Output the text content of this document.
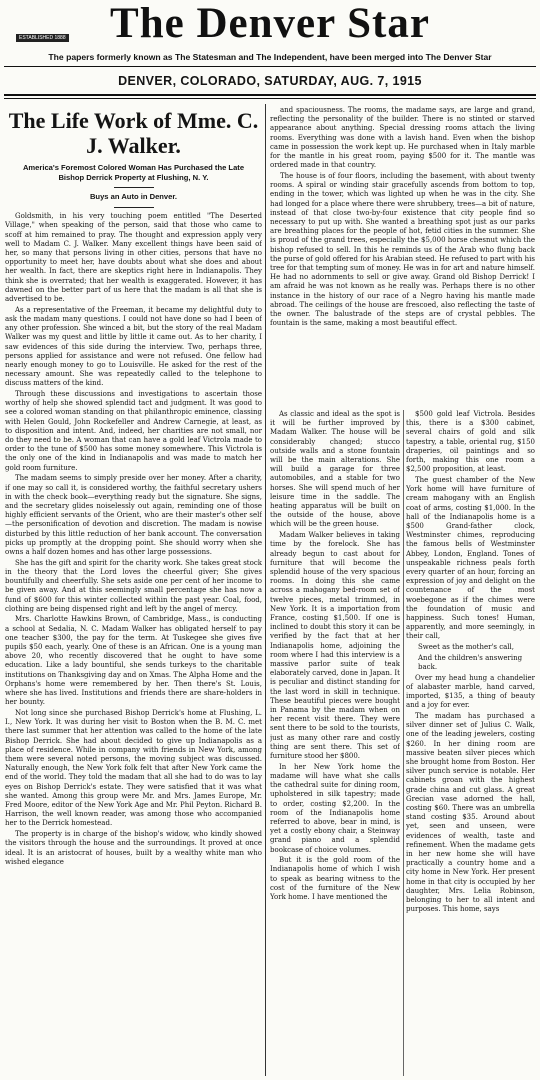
The Denver Star
ESTABLISHED 1888
The papers formerly known as The Statesman and The Independent, have been merged into The Denver Star
DENVER, COLORADO, SATURDAY, AUG. 7, 1915
The Life Work of Mme. C. J. Walker.
America's Foremost Colored Woman Has Purchased the Late Bishop Derrick Property at Flushing, N. Y.
Buys an Auto in Denver.

Goldsmith, in his very touching poem entitled "The Deserted Village," when speaking of the person, said that those who came to scoff at him remained to pray. The thought and expression apply very well to Madam C. J. Walker. Many excellent things have been said of her, so many that persons living in other cities, persons that have no opportunity to meet her, have doubts about what she does and about her wealth. In fact, there are skeptics right here in Indianapolis. They think she is overrated; that her wealth is exaggerated. However, it has dawned on the better part of us here that the madam is all that she is advertised to be.

As a representative of the Freeman, it became my delightful duty to ask the madam many questions. I could not have done so had I been of any other profession. She winced a bit, but the story of the real Madam Walker was my quest and little by little it came out. As to her charity, I saw evidences of this side during the interview. Two, perhaps three, persons applied for assistance and were not refused. One fellow had nearly enough money to go to Louisville. He asked for the rest of the necessary amount. She was repeatedly called to the telephone to discuss matters of the kind.

Through these discussions and investigations to ascertain those worthy of help she showed splendid tact and judgment. It was good to see a colored woman standing on that philanthropic eminence, classing with Helen Gould, John Rockefeller and Andrew Carnegie, at least, as to disposition and intent. And, indeed, her charities are not small, nor do they need to be. A woman that can have a gold leaf Victrola made to order to the tune of $500 has some money somewhere. This Victrola is the only one of the kind in Indianapolis and was made to match her gold room furniture.

The madam seems to simply preside over her money. After a charity, if one may so call it, is considered worthy, the faithful secretary ushers in with the check book—everything ready but the signature. She signs, and the secretary glides noiselessly out again, reminding one of those highly efficient servants of the Orient, who are their master's other self—the personification of devotion and discretion. The madam is nowise disturbed by this little reduction of her bank account. The conversation picks up promptly at the dropping point. She should worry when she owns a half dozen homes and has other large possessions.

She has the gift and spirit for the charity work. She takes great stock in the theory that the Lord loves the cheerful giver; She gives bountifully and cheerfully. She sets aside one per cent of her income to be given away. And at this seemingly small percentage she has now a fund of $600 for this winter collected within the past year. Coal, food, clothing are being dispensed right and left by the angel of mercy.

Mrs. Charlotte Hawkins Brown, of Cambridge, Mass., is conducting a school at Sedalia, N. C. Madam Walker has obligated herself to pay one teacher $300, the pay for the term. At Tuskegee she gives five pupils $50 each, yearly. One of these is an African. One is a young man above 20, who recently discovered that he ought to have some education. Like a lady bountiful, she sends turkeys to the charitable institutions on Thanksgiving day and on Xmas. The Alpha Home and the Orphans's home were remembered by her. Then there's St. Louis, where she has lived. Institutions and friends there are share-holders in her bounty.

Not long since she purchased Bishop Derrick's home at Flushing, L. I., New York. It was during her visit to Boston when the B. M. C. met there last summer that her attention was called to the home of the late Bishop Derrick. She had about decided to give up Indianapolis as a place of residence. While in company with friends in New York, among them were several noted persons, the moving subject was discussed. Naturally enough, the New York folk felt that after New York came the end of the world. They told the madam that all she had to do was to lay eyes on Bishop Derrick's estate. They were satisfied that it was what she wanted. Among this group were Mr. and Mrs. James Europe, Mr. Fred Moore, editor of the New York Age and Mr. Phil Peyton. Richard B. Harrison, the well known reader, was among those who accompanied her to the Derrick homestead.

The property is in charge of the bishop's widow, who kindly showed the visitors through the house and the surroundings. It proved at once ideal. It is an aristocrat of houses, built by a wealthy white man who wished elegance

and spaciousness. The rooms, the madame says, are large and grand, reflecting the personality of the builder. There is no stinted or starved appearance about anything. Special dressing rooms attach the living rooms. Everything was done with a lavish hand. Even when the bishop came in possession the work kept up. He purchased when in Italy marble for the mantle in his great room, paying $500 for it. The mantle was ordered made in that country.

The house is of four floors, including the basement, with about twenty rooms. A spiral or winding stair gracefully ascends from bottom to top, ending in the tower, which was lighted up when he was in the city. She had longed for a place where there were shrubbery, trees—a bit of nature, instead of that close two-by-four existence that city people find so necessary to put up with. She wanted a breathing spot just as our parks are breathing places for the people of hot, fetid cities in the summer. She is proud of the grand trees, especially the $5,000 horse chesnut which the bishop refused to sell. In this he reminds us of the Arab who flung back the purse of gold offered for his Arabian steed. He refused to part with his tree for that tempting sum of money. He was in for art and nature himself. He had no adornments to sell or give away. Grand old Bishop Derrick! I am afraid he was not known as he really was. Perhaps there is no other instance in the history of our race of a Negro having his mantle made abroad. The ceilings of the house are frescoed, also reflecting the taste of the owner. The balustrade of the steps are of crystal pebbles. The fountain is the same, making a most beautiful effect.

As classic and ideal as the spot is it will be further improved by Madam Walker. The house will be considerably changed; stucco outside walls and a stone fountain will be the main alterations. She will build a garage for three automobiles, and a stable for two horses. She will spend much of her leisure time in the saddle. The heating apparatus will be built on the outside of the house, above which will be the green house.

Madam Walker believes in taking time by the forelock. She has already begun to cast about for furniture that will become the splendid house of the very spacious rooms. In doing this she came across a mahogany bed-room set of twelve pieces, metal trimmed, in New York. It is a importation from France, costing $1,500. If one is inclined to doubt this story it can be verified by the fact that at her Indianapolis home, adjoining the room where I had this interview is a massive parlor suite of teak elaborately carved, done in Japan. It is peculiar and distinct standing for the last word in skill in technique. These beautiful pieces were bought in Panama by the madam when on her recent visit there. They were sent there to be sold to the tourists, just as many other rare and costly thing are sent there. This set of furniture stood her $800.

In her New York home the madame will have what she calls the cathedral suite for dining room, upholstered in silk tapestry; made to order, costing $2,200. In the room of the Indianapolis home referred to above, bear in mind, is yet a costly ebony chair, a Steinway grand piano and a splendid bookcase of choice volumes.

But it is the gold room of the Indianapolis home of which I wish to speak as bearing witness to the cost of the furniture of the New York home. I have mentioned the

$500 gold leaf Victrola. Besides this, there is a $300 cabinet, several chairs of gold and silk tapestry, a table, oriental rug, $150 draperies, oil paintings and so forth, making this one room a $2,500 proposition, at least.

The guest chamber of the New York home will have furniture of cream mahogany with an English coat of arms, costing $1,000. In the hall of the Indianapolis home is a $500 Grand-father clock, Westminster chimes, reproducing the famous bells of Westminster Abbey, London, England. Tones of unspeakable richness peals forth every quarter of an hour, forcing an expression of joy and delight on the countenance of the most woebegone as if the chimes were the foundation of music and happiness. Such tones! Human, apparently, and more seemingly, in their call,

Sweet as the mother's call,

And the children's answering back.

Over my head hung a chandelier of alabaster marble, hand carved, imported, $135, a thing of beauty and a joy for ever.

The madam has purchased a silver dinner set of Julius C. Walk, one of the leading jewelers, costing $260. In her dining room are massive beaten silver pieces which she brought home from Boston. Her silver punch service is notable. Her cabinets groan with the highest grade china and cut glass. A great Grecian vase adorned the hall, costing $60. There was an umbrella stand costing $35. Around about yet, seen and unseen, were evidences of wealth, taste and refinement. When the madame gets in her new home she will have practically a country home and a city home in New York. Her present home in that city is occupied by her daughter, Mrs. Lelia Robinson, belonging to her to all intent and purposes. This home, says
